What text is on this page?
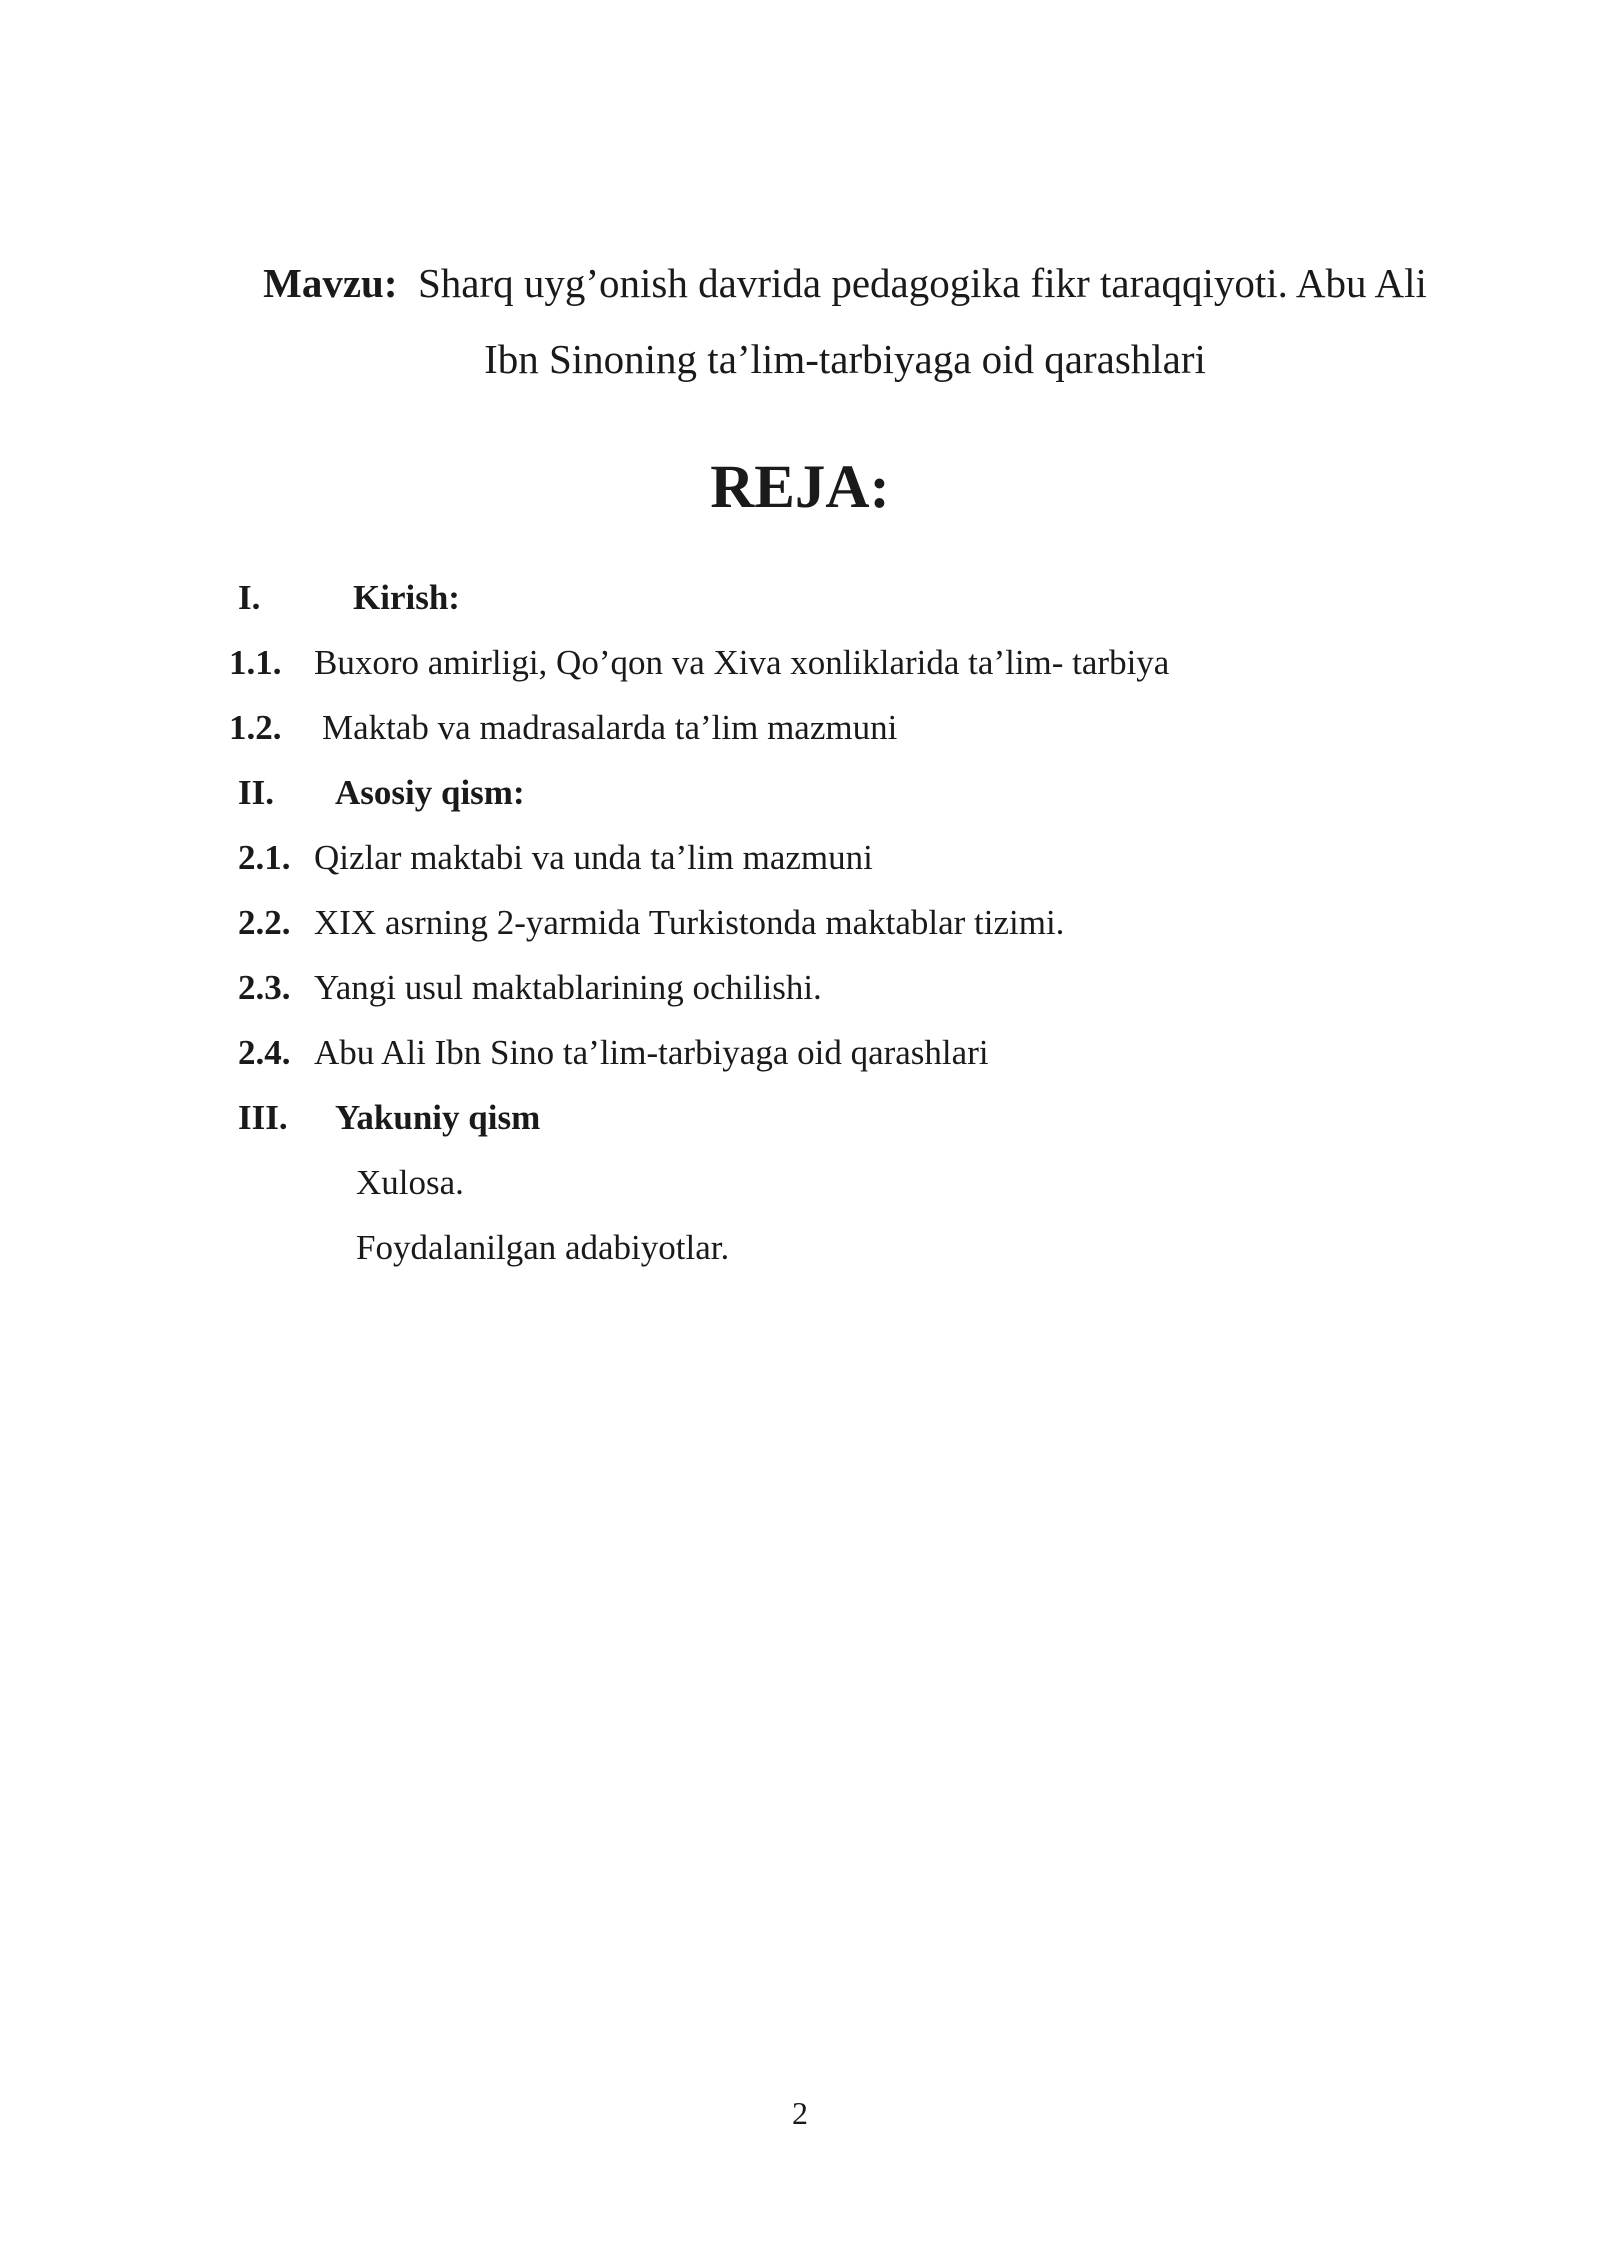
Mavzu: Sharq uyg’onish davrida pedagogika fikr taraqqiyoti. Abu Ali
Ibn Sinoning ta’lim-tarbiyaga oid qarashlari
REJA:
I.	Kirish:
1.1. Buxoro amirligi, Qo’qon va Xiva xonliklarida ta’lim- tarbiya
1.2. Maktab va madrasalarda ta’lim mazmuni
II. Asosiy qism:
2.1. Qizlar maktabi va unda ta’lim mazmuni
2.2. XIX asrning 2-yarmida Turkistonda maktablar tizimi.
2.3. Yangi usul maktablarining ochilishi.
2.4. Abu Ali Ibn Sino ta’lim-tarbiyaga oid qarashlari
III. Yakuniy qism
Xulosa.
Foydalanilgan adabiyotlar.
2
